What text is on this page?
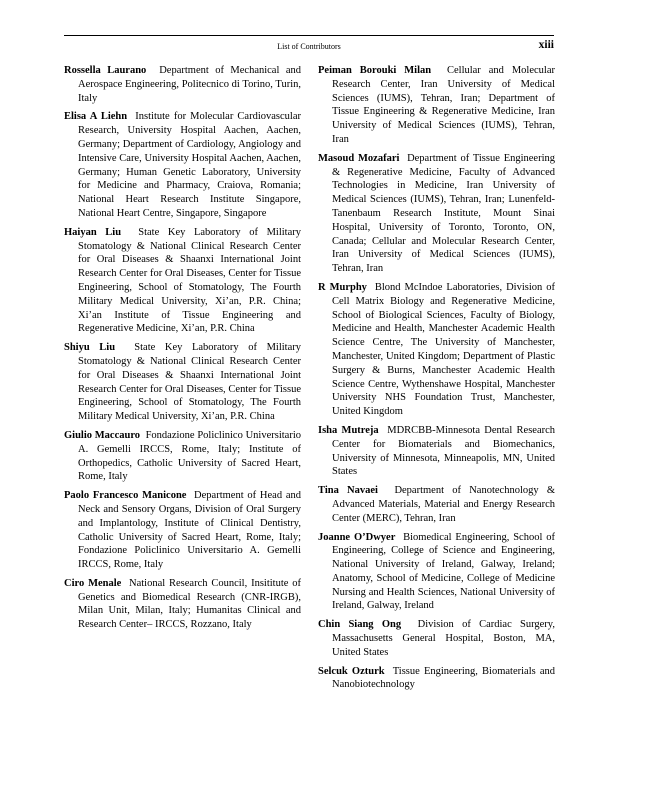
List of Contributors	xiii

Rossella Laurano Department of Mechanical and Aerospace Engineering, Politecnico di Torino, Turin, Italy

Elisa A Liehn Institute for Molecular Cardiovascular Research, University Hospital Aachen, Aachen, Germany; Department of Cardiology, Angiology and Intensive Care, University Hospital Aachen, Aachen, Germany; Human Genetic Laboratory, University for Medicine and Pharmacy, Craiova, Romania; National Heart Research Institute Singapore, National Heart Centre, Singapore, Singapore

Haiyan Liu State Key Laboratory of Military Stomatology & National Clinical Research Center for Oral Diseases & Shaanxi International Joint Research Center for Oral Diseases, Center for Tissue Engineering, School of Stomatology, The Fourth Military Medical University, Xi’an, P.R. China; Xi’an Institute of Tissue Engineering and Regenerative Medicine, Xi’an, P.R. China

Shiyu Liu State Key Laboratory of Military Stomatology & National Clinical Research Center for Oral Diseases & Shaanxi International Joint Research Center for Oral Diseases, Center for Tissue Engineering, School of Stomatology, The Fourth Military Medical University, Xi’an, P.R. China

Giulio Maccauro Fondazione Policlinico Universitario A. Gemelli IRCCS, Rome, Italy; Institute of Orthopedics, Catholic University of Sacred Heart, Rome, Italy

Paolo Francesco Manicone Department of Head and Neck and Sensory Organs, Division of Oral Surgery and Implantology, Institute of Clinical Dentistry, Catholic University of Sacred Heart, Rome, Italy; Fondazione Policlinico Universitario A. Gemelli IRCCS, Rome, Italy

Ciro Menale National Research Council, Insititute of Genetics and Biomedical Research (CNR-IRGB), Milan Unit, Milan, Italy; Humanitas Clinical and Research Center– IRCCS, Rozzano, Italy

Peiman Borouki Milan Cellular and Molecular Research Center, Iran University of Medical Sciences (IUMS), Tehran, Iran; Department of Tissue Engineering & Regenerative Medicine, Iran University of Medical Sciences (IUMS), Tehran, Iran

Masoud Mozafari Department of Tissue Engineering & Regenerative Medicine, Faculty of Advanced Technologies in Medicine, Iran University of Medical Sciences (IUMS), Tehran, Iran; Lunenfeld-Tanenbaum Research Institute, Mount Sinai Hospital, University of Toronto, Toronto, ON, Canada; Cellular and Molecular Research Center, Iran University of Medical Sciences (IUMS), Tehran, Iran

R Murphy Blond McIndoe Laboratories, Division of Cell Matrix Biology and Regenerative Medicine, School of Biological Sciences, Faculty of Biology, Medicine and Health, Manchester Academic Health Science Centre, The University of Manchester, Manchester, United Kingdom; Department of Plastic Surgery & Burns, Manchester Academic Health Science Centre, Wythenshawe Hospital, Manchester University NHS Foundation Trust, Manchester, United Kingdom

Isha Mutreja MDRCBB-Minnesota Dental Research Center for Biomaterials and Biomechanics, University of Minnesota, Minneapolis, MN, United States

Tina Navaei Department of Nanotechnology & Advanced Materials, Material and Energy Research Center (MERC), Tehran, Iran

Joanne O’Dwyer Biomedical Engineering, School of Engineering, College of Science and Engineering, National University of Ireland, Galway, Ireland; Anatomy, School of Medicine, College of Medicine Nursing and Health Sciences, National University of Ireland, Galway, Ireland

Chin Siang Ong Division of Cardiac Surgery, Massachusetts General Hospital, Boston, MA, United States

Selcuk Ozturk Tissue Engineering, Biomaterials and Nanobiotechnology
